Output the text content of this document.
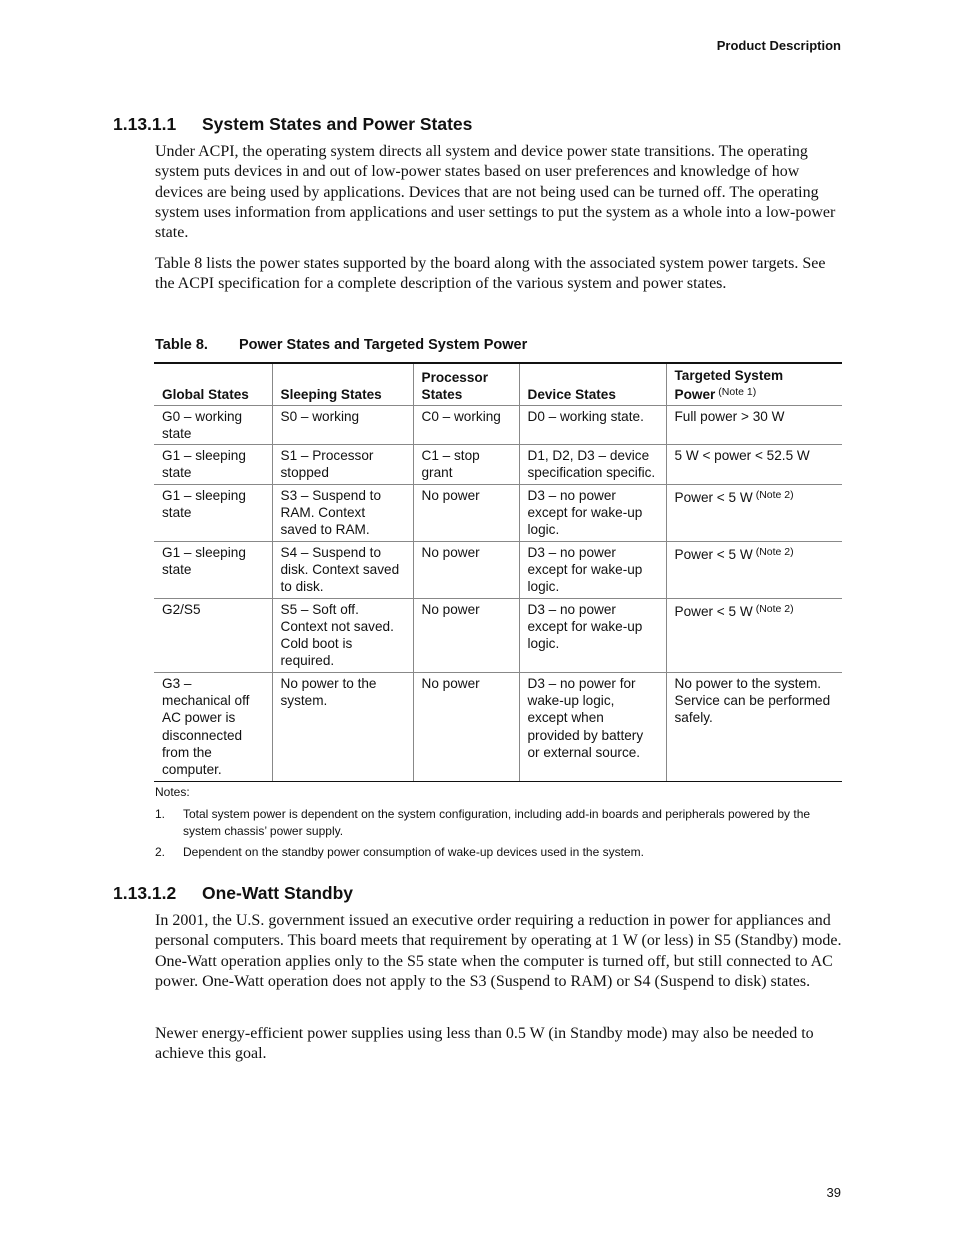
Product Description
1.13.1.1 System States and Power States

Under ACPI, the operating system directs all system and device power state transitions. The operating system puts devices in and out of low-power states based on user preferences and knowledge of how devices are being used by applications. Devices that are not being used can be turned off. The operating system uses information from applications and user settings to put the system as a whole into a low-power state.

Table 8 lists the power states supported by the board along with the associated system power targets. See the ACPI specification for a complete description of the various system and power states.

Table 8. Power States and Targeted System Power
Global States	Sleeping States	Processor States	Device States	Targeted System Power $^{(Note 1)}$
G0 – working state	S0 – working	C0 – working	D0 – working state.	Full power > 30 W
G1 – sleeping state	S1 – Processor stopped	C1 – stop grant	D1, D2, D3 – device specification specific.	5 W < power < 52.5 W
G1 – sleeping state	S3 – Suspend to RAM. Context saved to RAM.	No power	D3 – no power except for wake-up logic.	Power < 5 W $^{(Note 2)}$
G1 – sleeping state	S4 – Suspend to disk. Context saved to disk.	No power	D3 – no power except for wake-up logic.	Power < 5 W $^{(Note 2)}$
G2/S5	S5 – Soft off. Context not saved. Cold boot is required.	No power	D3 – no power except for wake-up logic.	Power < 5 W $^{(Note 2)}$
G3 – mechanical off AC power is disconnected from the computer.	No power to the system.	No power	D3 – no power for wake-up logic, except when provided by battery or external source.	No power to the system. Service can be performed safely.
Notes:
1. Total system power is dependent on the system configuration, including add-in boards and peripherals powered by the system chassis’ power supply.
2. Dependent on the standby power consumption of wake-up devices used in the system.
1.13.1.2 One-Watt Standby

In 2001, the U.S. government issued an executive order requiring a reduction in power for appliances and personal computers. This board meets that requirement by operating at 1 W (or less) in S5 (Standby) mode. One-Watt operation applies only to the S5 state when the computer is turned off, but still connected to AC power. One-Watt operation does not apply to the S3 (Suspend to RAM) or S4 (Suspend to disk) states.

Newer energy-efficient power supplies using less than 0.5 W (in Standby mode) may also be needed to achieve this goal.

39
